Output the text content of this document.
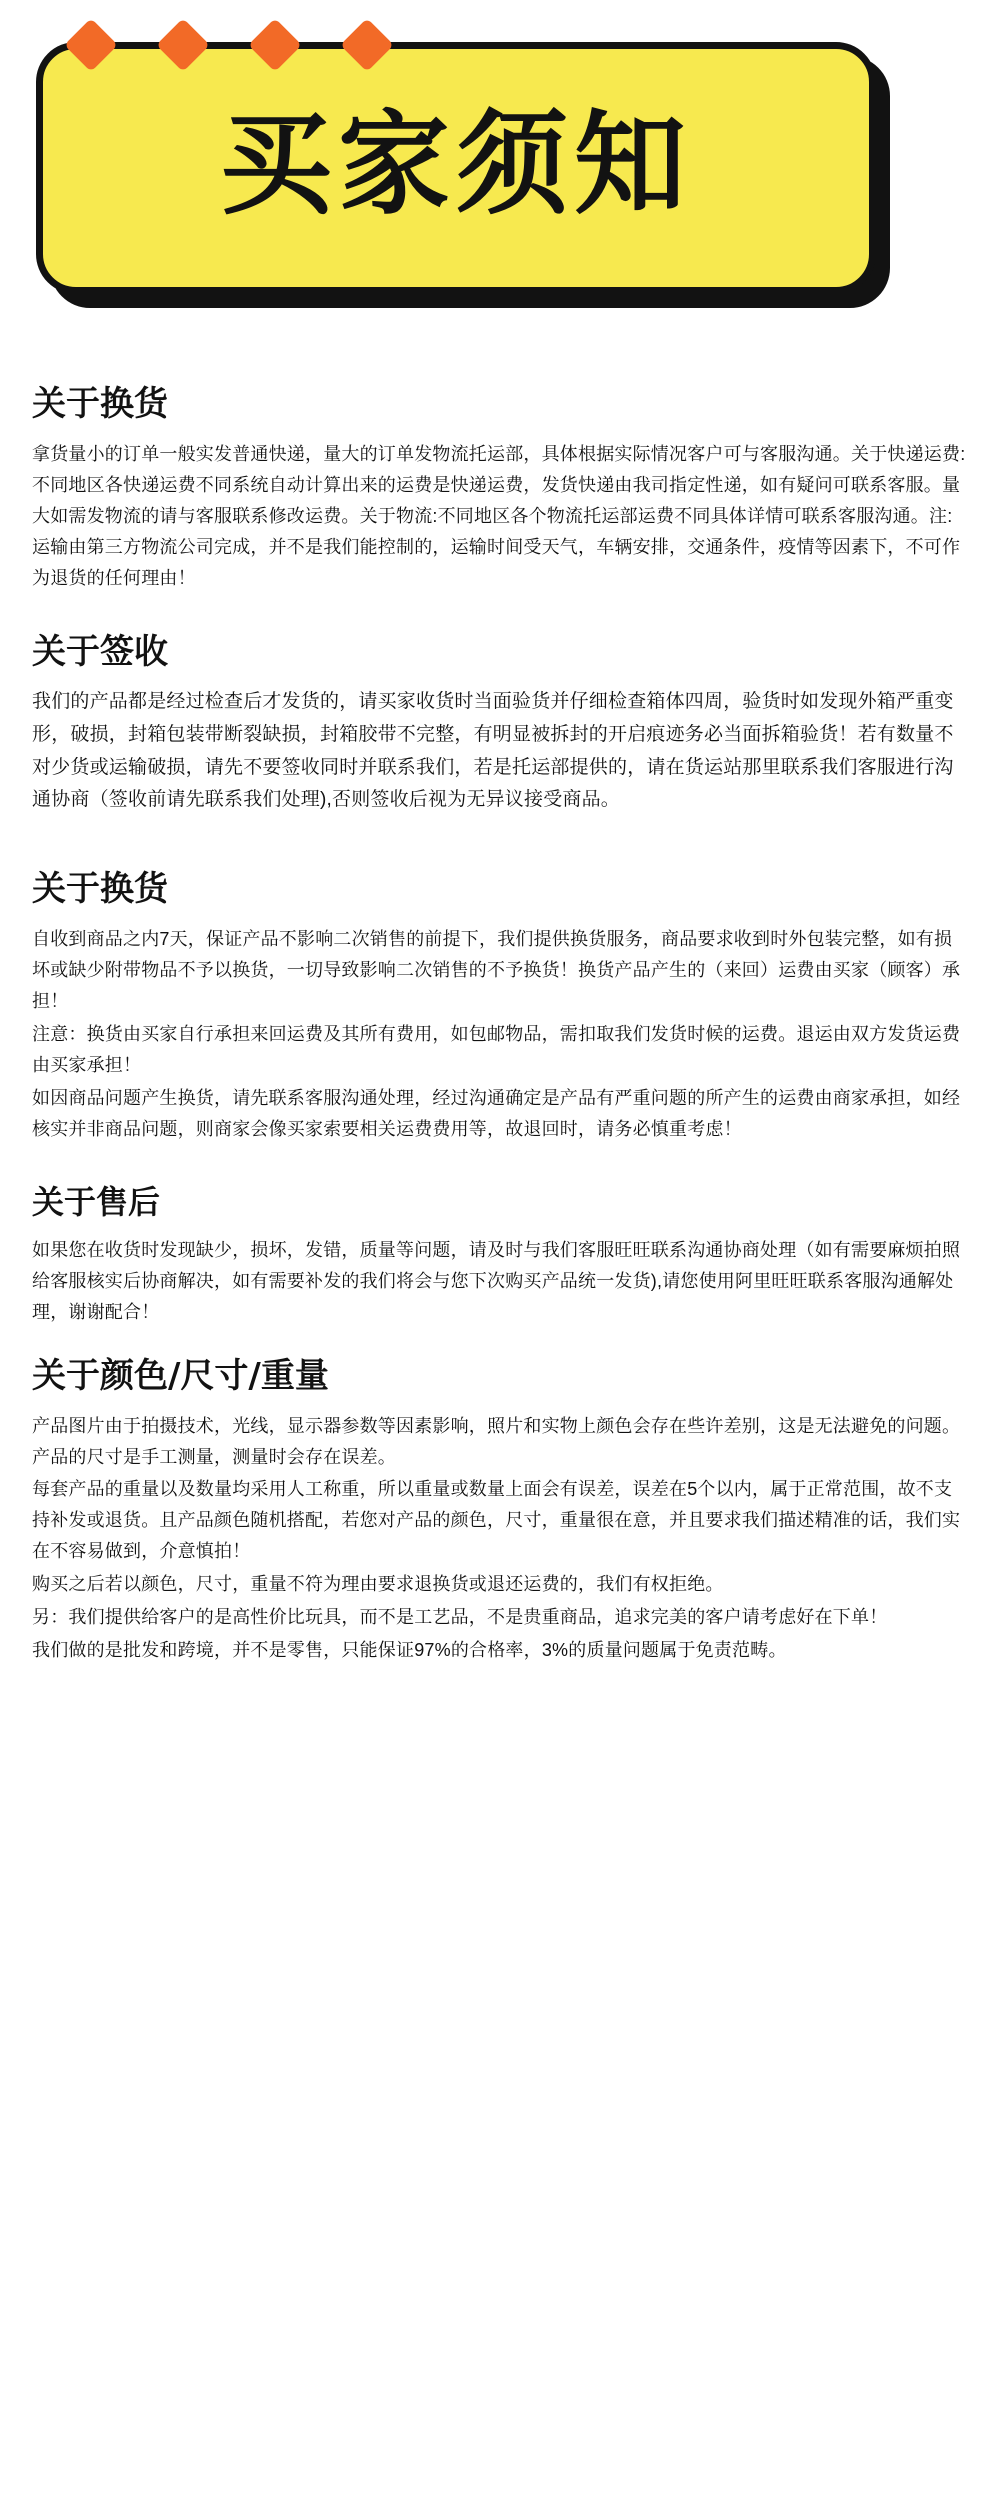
买家须知
关于换货

拿货量小的订单一般实发普通快递，量大的订单发物流托运部，具体根据实际情况客户可与客服沟通。关于快递运费:不同地区各快递运费不同系统自动计算出来的运费是快递运费，发货快递由我司指定性递，如有疑问可联系客服。量大如需发物流的请与客服联系修改运费。关于物流:不同地区各个物流托运部运费不同具体详情可联系客服沟通。注:运输由第三方物流公司完成，并不是我们能控制的，运输时间受天气，车辆安排，交通条件，疫情等因素下，不可作为退货的任何理由！

关于签收

我们的产品都是经过检查后才发货的，请买家收货时当面验货并仔细检查箱体四周，验货时如发现外箱严重变形，破损，封箱包装带断裂缺损，封箱胶带不完整，有明显被拆封的开启痕迹务必当面拆箱验货！若有数量不对少货或运输破损，请先不要签收同时并联系我们，若是托运部提供的，请在货运站那里联系我们客服进行沟通协商（签收前请先联系我们处理),否则签收后视为无异议接受商品。

关于换货

自收到商品之内7天，保证产品不影响二次销售的前提下，我们提供换货服务，商品要求收到时外包装完整，如有损坏或缺少附带物品不予以换货，一切导致影响二次销售的不予换货！换货产品产生的（来回）运费由买家（顾客）承担！

注意：换货由买家自行承担来回运费及其所有费用，如包邮物品，需扣取我们发货时候的运费。退运由双方发货运费由买家承担！

如因商品问题产生换货，请先联系客服沟通处理，经过沟通确定是产品有严重问题的所产生的运费由商家承担，如经核实并非商品问题，则商家会像买家索要相关运费费用等，故退回时，请务必慎重考虑！

关于售后

如果您在收货时发现缺少，损坏，发错，质量等问题，请及时与我们客服旺旺联系沟通协商处理（如有需要麻烦拍照给客服核实后协商解决，如有需要补发的我们将会与您下次购买产品统一发货),请您使用阿里旺旺联系客服沟通解处理，谢谢配合！

关于颜色/尺寸/重量

产品图片由于拍摄技术，光线，显示器参数等因素影响，照片和实物上颜色会存在些许差别，这是无法避免的问题。产品的尺寸是手工测量，测量时会存在误差。

每套产品的重量以及数量均采用人工称重，所以重量或数量上面会有误差，误差在5个以内，属于正常范围，故不支持补发或退货。且产品颜色随机搭配，若您对产品的颜色，尺寸，重量很在意，并且要求我们描述精准的话，我们实在不容易做到，介意慎拍！

购买之后若以颜色，尺寸，重量不符为理由要求退换货或退还运费的，我们有权拒绝。

另：我们提供给客户的是高性价比玩具，而不是工艺品，不是贵重商品，追求完美的客户请考虑好在下单！

我们做的是批发和跨境，并不是零售，只能保证97%的合格率，3%的质量问题属于免责范畴。
